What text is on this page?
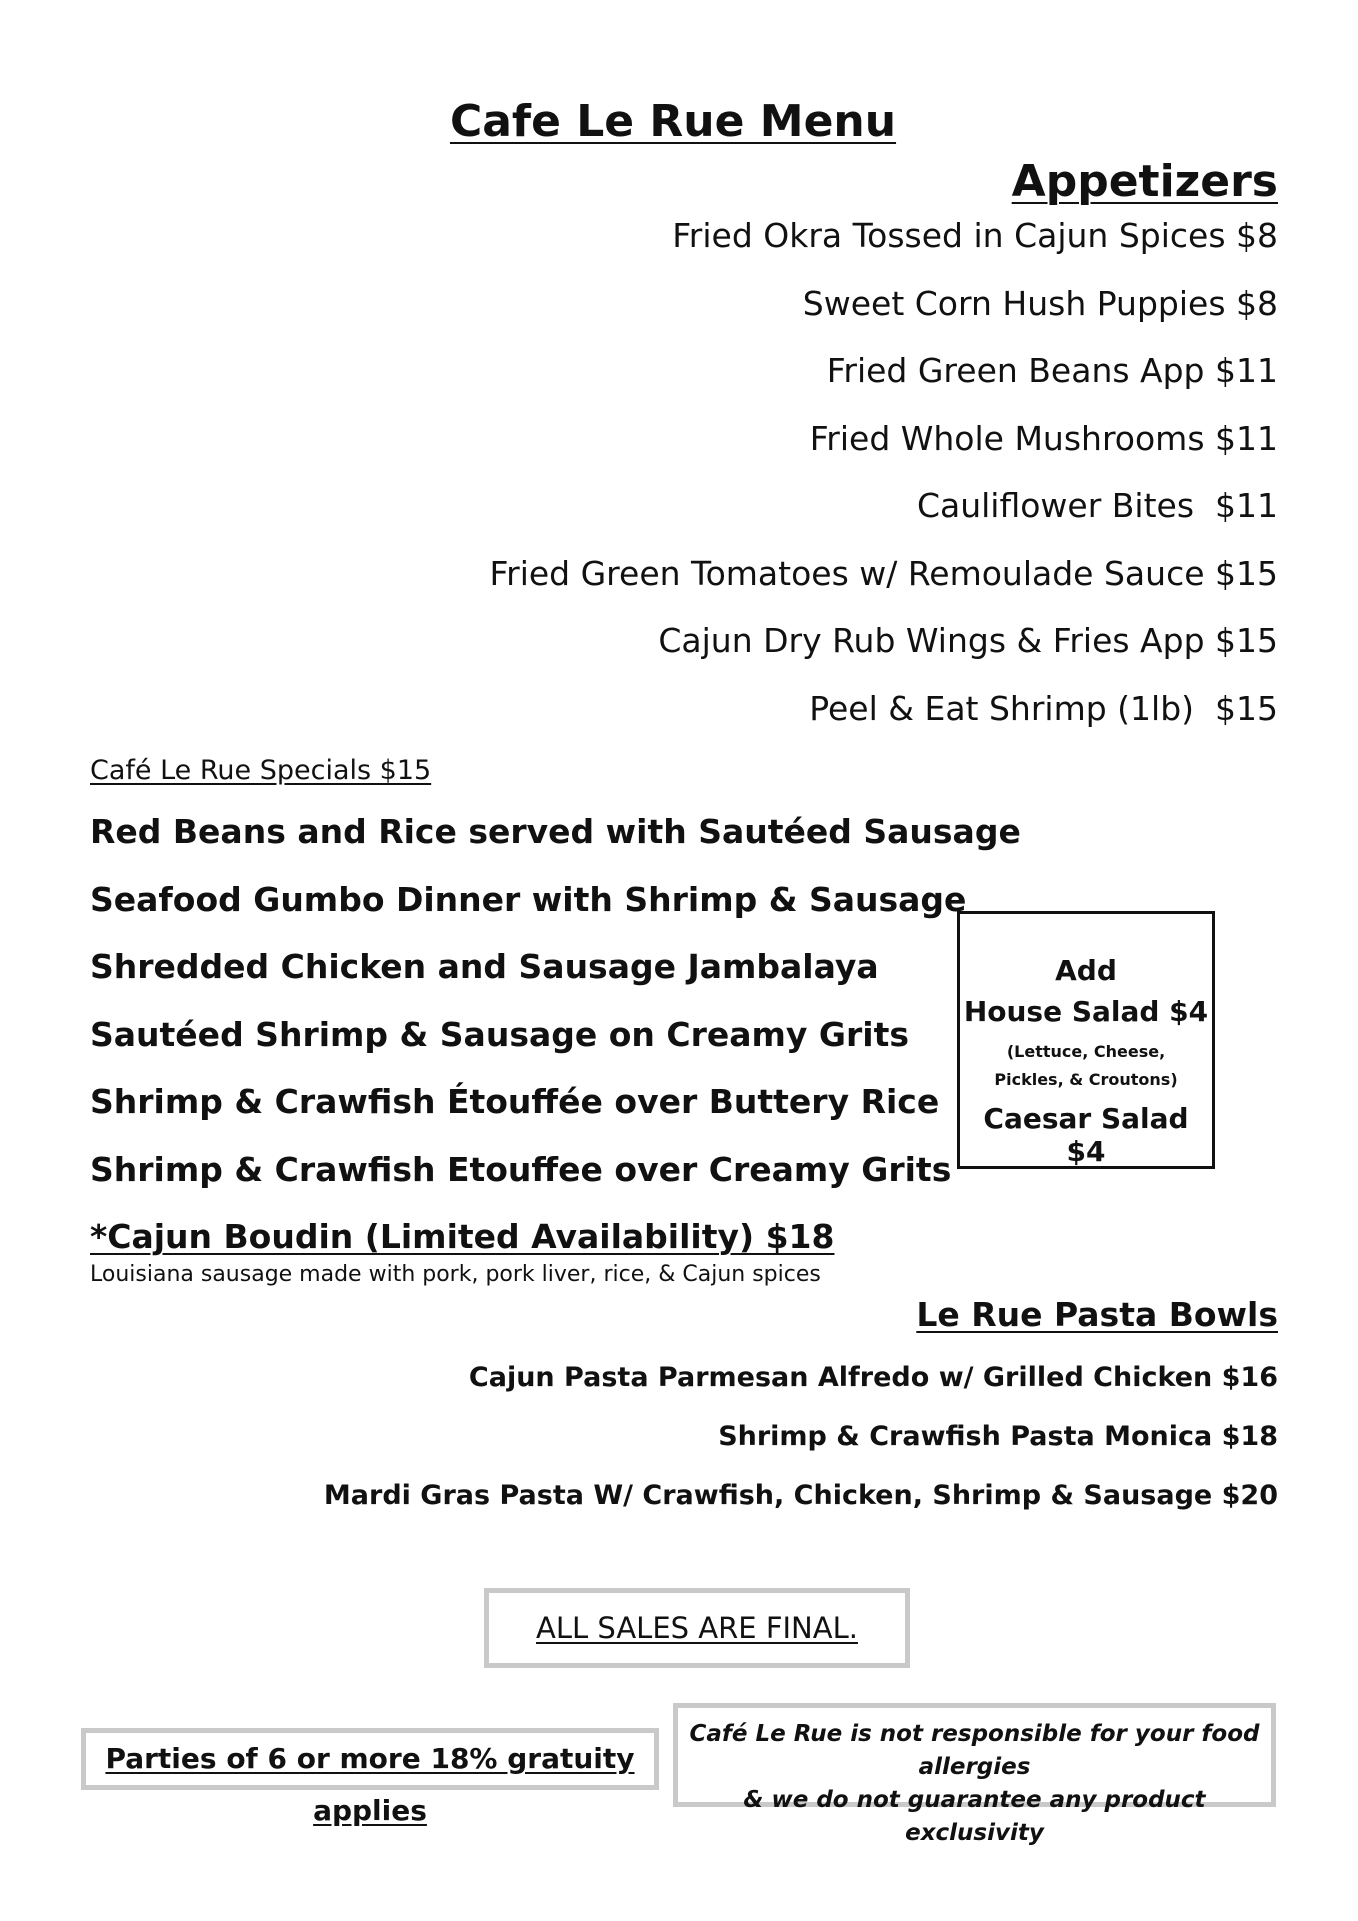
Cafe Le Rue Menu
Appetizers
Fried Okra Tossed in Cajun Spices $8
Sweet Corn Hush Puppies $8
Fried Green Beans App $11
Fried Whole Mushrooms $11
Cauliflower Bites  $11
Fried Green Tomatoes w/ Remoulade Sauce $15
Cajun Dry Rub Wings & Fries App $15
Peel & Eat Shrimp (1lb)  $15
Café Le Rue Specials $15
Red Beans and Rice served with Sautéed Sausage
Seafood Gumbo Dinner with Shrimp & Sausage
Shredded Chicken and Sausage Jambalaya
Sautéed Shrimp & Sausage on Creamy Grits
Shrimp & Crawfish Étouffée over Buttery Rice
Shrimp & Crawfish Etouffee over Creamy Grits
*Cajun Boudin (Limited Availability) $18
Louisiana sausage made with pork, pork liver, rice, & Cajun spices
Add
House Salad $4
(Lettuce, Cheese, Pickles, & Croutons)
Caesar Salad $4
Le Rue Pasta Bowls
Cajun Pasta Parmesan Alfredo w/ Grilled Chicken $16
Shrimp & Crawfish Pasta Monica $18
Mardi Gras Pasta W/ Crawfish, Chicken, Shrimp & Sausage $20
ALL SALES ARE FINAL.
Parties of 6 or more 18% gratuity applies
Café Le Rue is not responsible for your food allergies
& we do not guarantee any product exclusivity
